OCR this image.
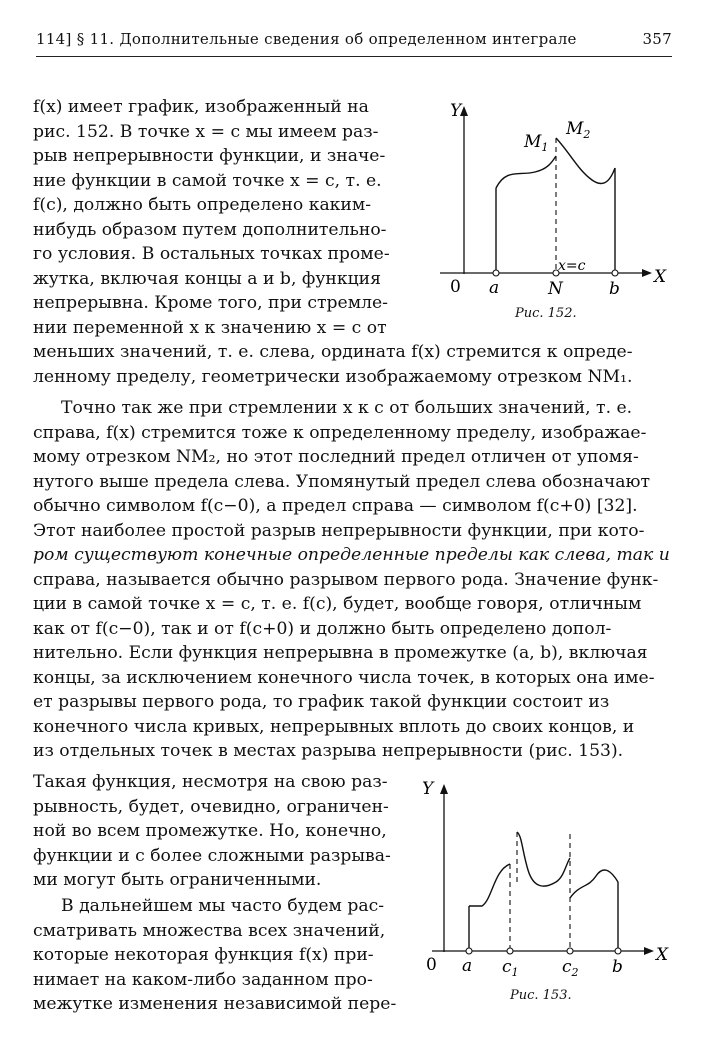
114] § 11. Дополнительные сведения об определенном интеграле	357
f(x) имеет график, изображенный на
рис. 152. В точке x = c мы имеем раз-
рыв непрерывности функции, и значе-
ние функции в самой точке x = c, т. е.
f(c), должно быть определено каким-
нибудь образом путем дополнительно-
го условия. В остальных точках проме-
жутка, включая концы a и b, функция
непрерывна. Кроме того, при стремле-
нии переменной x к значению x = c от
Y
X
0 a	N	b
x=c
$M_1$
$M_2$
Рис. 152.
меньших значений, т. е. слева, ордината f(x) стремится к опреде-
ленному пределу, геометрически изображаемому отрезком NM₁.
Точно так же при стремлении x к c от больших значений, т. е.
справа, f(x) стремится тоже к определенному пределу, изображае-
мому отрезком NM₂, но этот последний предел отличен от упомя-
нутого выше предела слева. Упомянутый предел слева обозначают
обычно символом f(c−0), а предел справа — символом f(c+0) [32].
Этот наиболее простой разрыв непрерывности функции, при кото-
ром существуют конечные определенные пределы как слева, так и
справа, называется обычно разрывом первого рода. Значение функ-
ции в самой точке x = c, т. е. f(c), будет, вообще говоря, отличным
как от f(c−0), так и от f(c+0) и должно быть определено допол-
нительно. Если функция непрерывна в промежутке (a, b), включая
концы, за исключением конечного числа точек, в которых она име-
ет разрывы первого рода, то график такой функции состоит из
конечного числа кривых, непрерывных вплоть до своих концов, и
из отдельных точек в местах разрыва непрерывности (рис. 153).
Такая функция, несмотря на свою раз-
рывность, будет, очевидно, ограничен-
ной во всем промежутке. Но, конечно,
функции и с более сложными разрыва-
ми могут быть ограниченными.
В дальнейшем мы часто будем рас-
сматривать множества всех значений,
которые некоторая функция f(x) при-
нимает на каком-либо заданном про-
межутке изменения независимой пере-
Y
X
0 a $c_1$	$c_2$ b
Рис. 153.
